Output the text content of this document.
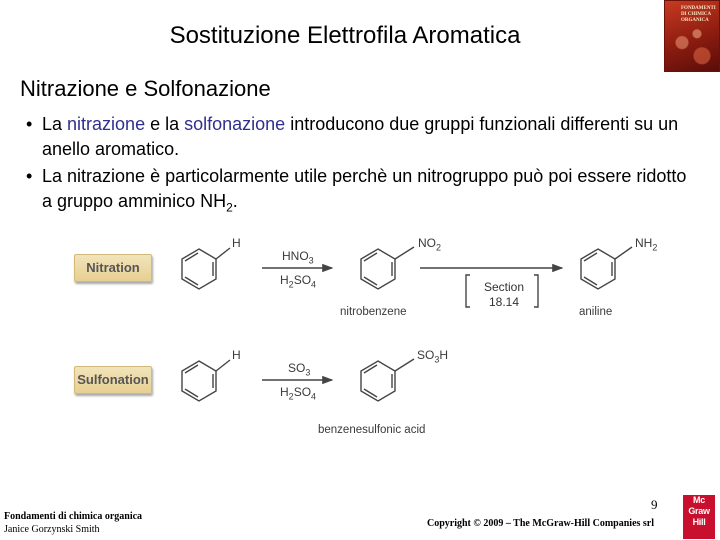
Sostituzione Elettrofila Aromatica
FONDAMENTI
DI CHIMICA
ORGANICA
Nitrazione e Solfonazione
• La nitrazione e la solfonazione introducono due gruppi funzionali differenti su un anello aromatico.
• La nitrazione è particolarmente utile perchè un nitrogruppo può poi essere ridotto a gruppo amminico $NH_2$.
Nitration
Sulfonation
H
$HNO_3$
$H_2SO_4$
$NO_2$
nitrobenzene
Section
18.14
$NH_2$
aniline
H
$SO_3$
$H_2SO_4$
$SO_3H$
benzenesulfonic acid
Fondamenti di chimica organica
Janice Gorzynski Smith
9
Copyright © 2009 – The McGraw-Hill Companies srl
Mc
Graw
Hill
